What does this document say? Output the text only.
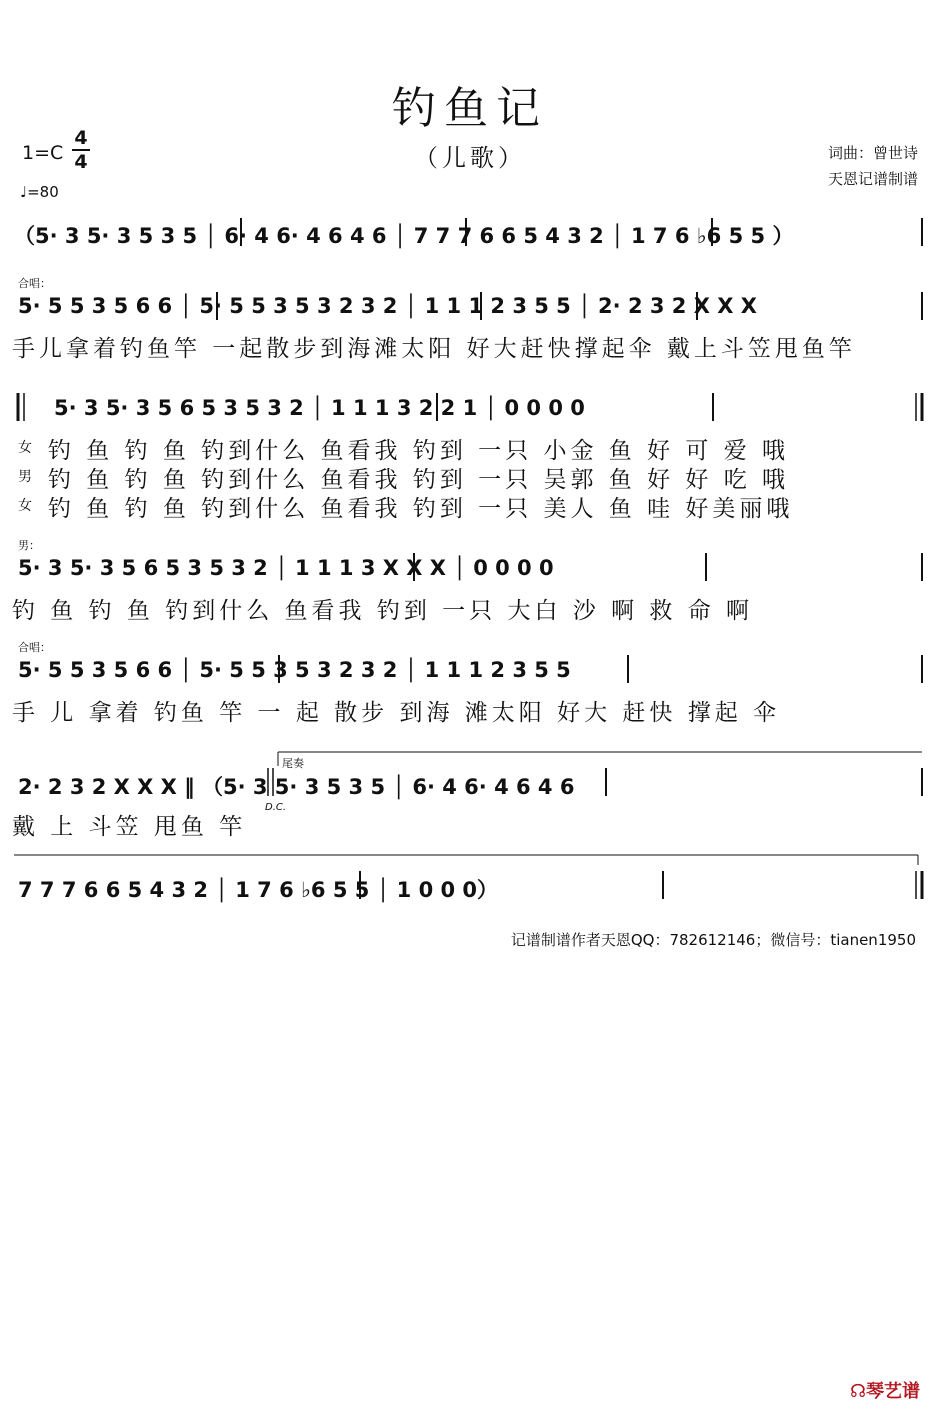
钓鱼记
（儿歌）
1=C
4
4
♩=80
词曲：曾世诗
天恩记谱制谱
（5· 3 5· 3 5 3 5 │ 6· 4 6· 4 6 4 6 │ 7 7 7 6 6 5 4 3 2 │ 1 7 6 ♭6 5 5 ）
合唱：
5· 5 5 3 5 6 6 │ 5· 5 5 3 5 3 2 3 2 │ 1 1 1 2 3 5 5 │ 2· 2 3 2 X X X
手儿拿着钓鱼竿 一起散步到海滩太阳 好大赶快撑起伞 戴上斗笠甩鱼竿
5· 3 5· 3 5 6 5 3 5 3 2 │ 1 1 1 3 2 2 1 │ 0 0 0 0
女 钓 鱼 钓 鱼 钓到什么 鱼看我 钓到 一只 小金 鱼 好 可 爱 哦
男 钓 鱼 钓 鱼 钓到什么 鱼看我 钓到 一只 吴郭 鱼 好 好 吃 哦
女 钓 鱼 钓 鱼 钓到什么 鱼看我 钓到 一只 美人 鱼 哇 好美丽哦
男：
5· 3 5· 3 5 6 5 3 5 3 2 │ 1 1 1 3 X X X │ 0 0 0 0
钓 鱼 钓 鱼 钓到什么 鱼看我 钓到 一只 大白 沙 啊 救 命 啊
合唱：
5· 5 5 3 5 6 6 │ 5· 5 5 3 5 3 2 3 2 │ 1 1 1 2 3 5 5
手 儿 拿着 钓鱼 竿 一 起 散步 到海 滩太阳 好大 赶快 撑起 伞
2· 2 3 2 X X X ‖ （5· 3 5· 3 5 3 5 │ 6· 4 6· 4 6 4 6
戴 上 斗笠 甩鱼 竿
尾奏
D.C.
7 7 7 6 6 5 4 3 2 │ 1 7 6 ♭6 5 5 │ 1 0 0 0）
记谱制谱作者天恩QQ：782612146；微信号：tianen1950
☊琴艺谱
